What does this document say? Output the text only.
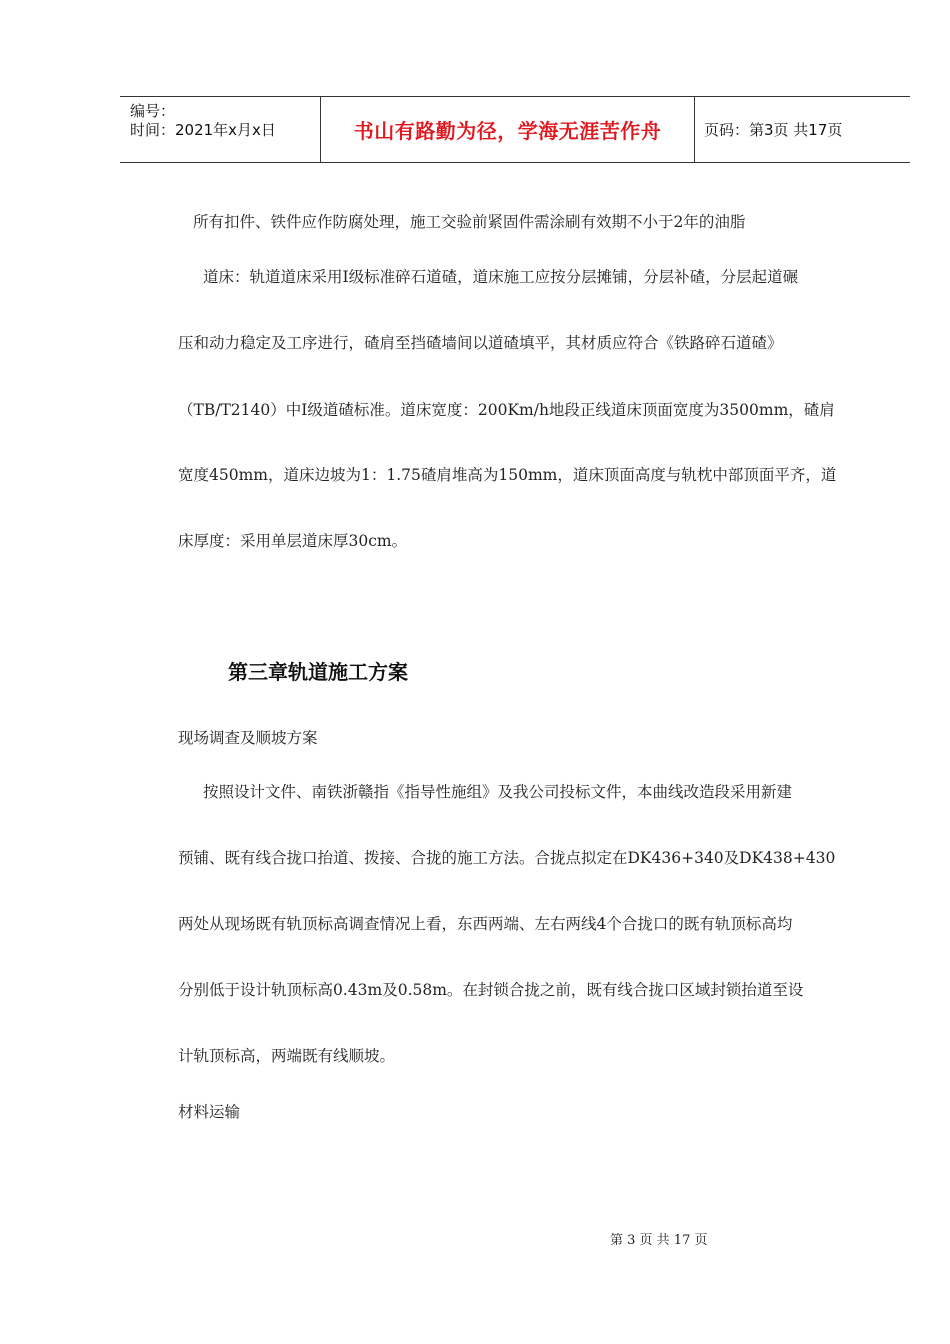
编号：
时间：2021年x月x日	书山有路勤为径，学海无涯苦作舟	页码：第3页 共17页
所有扣件、铁件应作防腐处理，施工交验前紧固件需涂刷有效期不小于2年的油脂
道床：轨道道床采用Ⅰ级标准碎石道碴，道床施工应按分层摊铺，分层补碴，分层起道碾
压和动力稳定及工序进行，碴肩至挡碴墙间以道碴填平，其材质应符合《铁路碎石道碴》
（TB/T2140）中Ⅰ级道碴标准。道床宽度：200Km/h地段正线道床顶面宽度为3500mm，碴肩
宽度450mm，道床边坡为1：1.75碴肩堆高为150mm，道床顶面高度与轨枕中部顶面平齐，道
床厚度：采用单层道床厚30cm。
第三章轨道施工方案
现场调查及顺坡方案
按照设计文件、南铁浙赣指《指导性施组》及我公司投标文件，本曲线改造段采用新建
预铺、既有线合拢口抬道、拨接、合拢的施工方法。合拢点拟定在DK436+340及DK438+430
两处从现场既有轨顶标高调查情况上看，东西两端、左右两线4个合拢口的既有轨顶标高均
分别低于设计轨顶标高0.43m及0.58m。在封锁合拢之前，既有线合拢口区域封锁抬道至设
计轨顶标高，两端既有线顺坡。
材料运输
第 3 页 共 17 页
